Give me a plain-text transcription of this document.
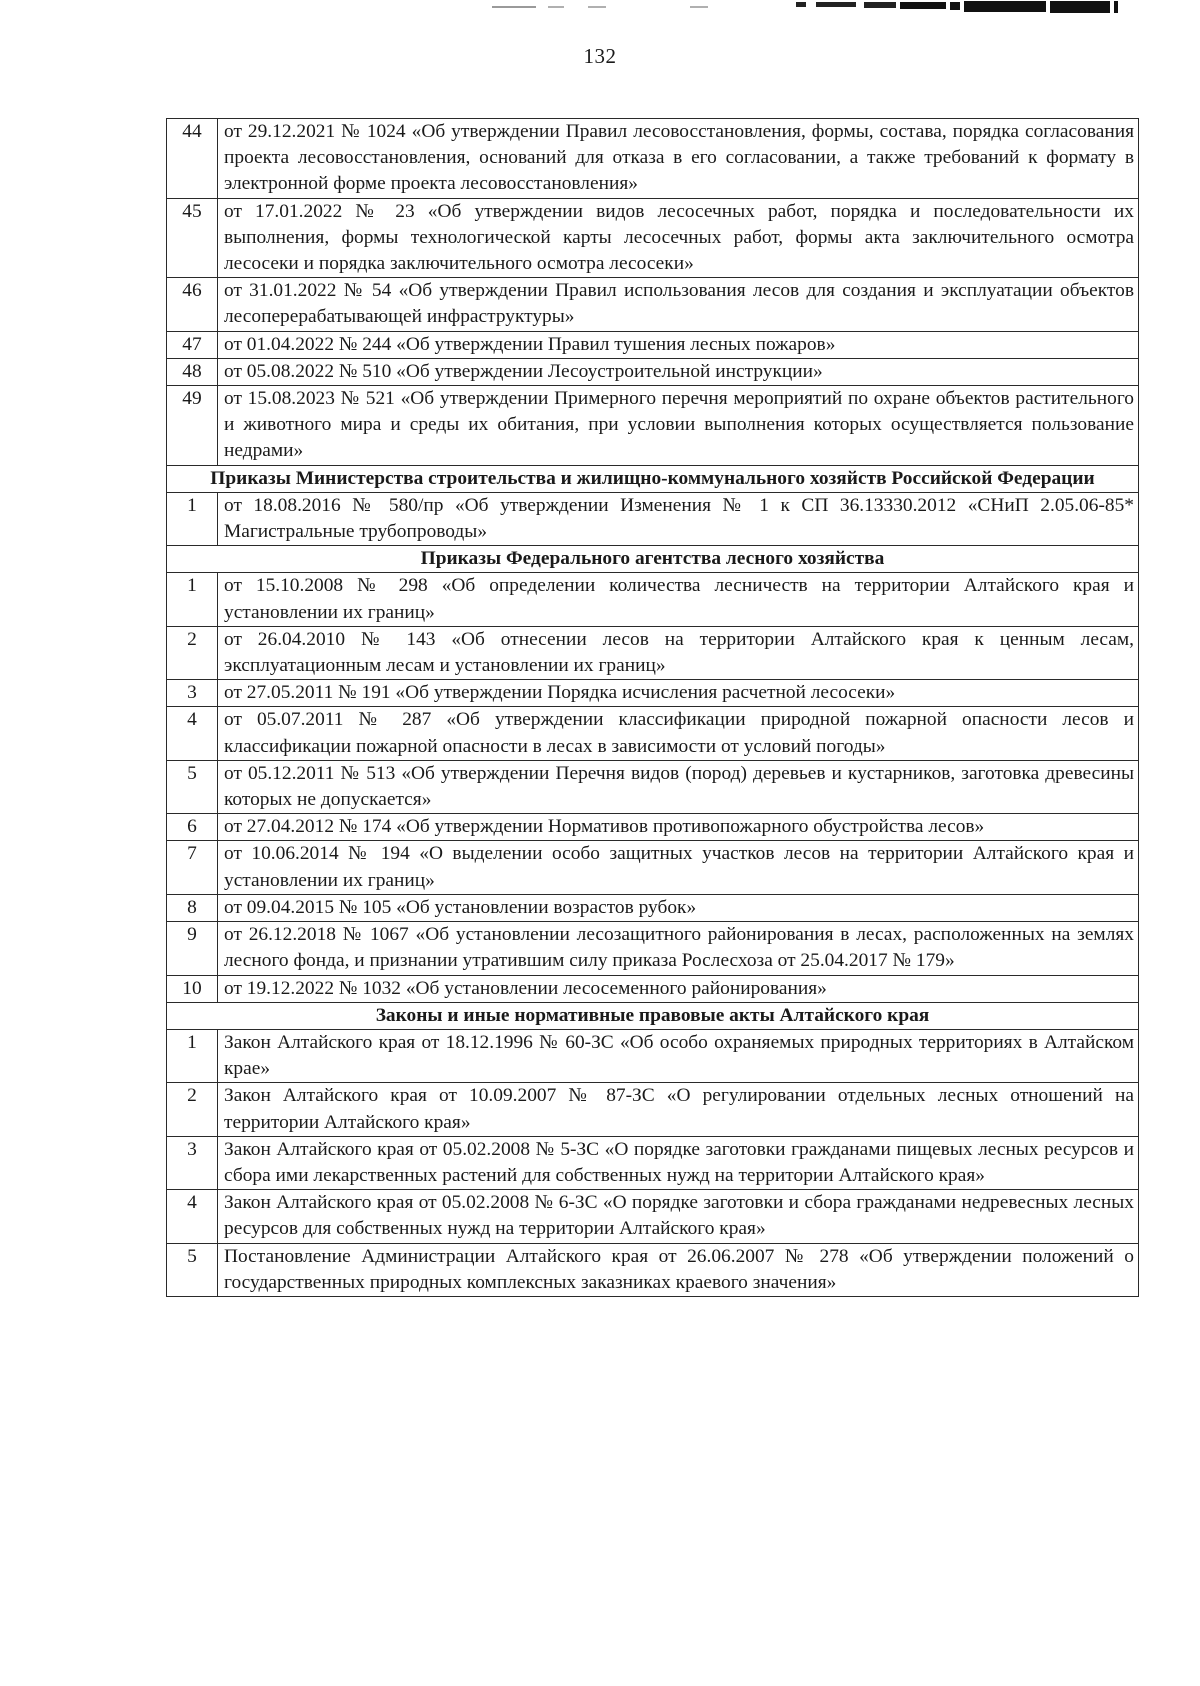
132
44	от 29.12.2021 № 1024 «Об утверждении Правил лесовосстановления, формы, состава, порядка согласования проекта лесовосстановления, оснований для отказа в его согласовании, а также требований к формату в электронной форме проекта лесовосстановления»
45	от 17.01.2022 № 23 «Об утверждении видов лесосечных работ, порядка и последовательности их выполнения, формы технологической карты лесосечных работ, формы акта заключительного осмотра лесосеки и порядка заключительного осмотра лесосеки»
46	от 31.01.2022 № 54 «Об утверждении Правил использования лесов для создания и эксплуатации объектов лесоперерабатывающей инфраструктуры»
47	от 01.04.2022 № 244 «Об утверждении Правил тушения лесных пожаров»
48	от 05.08.2022 № 510 «Об утверждении Лесоустроительной инструкции»
49	от 15.08.2023 № 521 «Об утверждении Примерного перечня мероприятий по охране объектов растительного и животного мира и среды их обитания, при условии выполнения которых осуществляется пользование недрами»
Приказы Министерства строительства и жилищно-коммунального хозяйств Российской Федерации	
1	от 18.08.2016 № 580/пр «Об утверждении Изменения № 1 к СП 36.13330.2012 «СНиП 2.05.06-85* Магистральные трубопроводы»
Приказы Федерального агентства лесного хозяйства	
1	от 15.10.2008 № 298 «Об определении количества лесничеств на территории Алтайского края и установлении их границ»
2	от 26.04.2010 № 143 «Об отнесении лесов на территории Алтайского края к ценным лесам, эксплуатационным лесам и установлении их границ»
3	от 27.05.2011 № 191 «Об утверждении Порядка исчисления расчетной лесосеки»
4	от 05.07.2011 № 287 «Об утверждении классификации природной пожарной опасности лесов и классификации пожарной опасности в лесах в зависимости от условий погоды»
5	от 05.12.2011 № 513 «Об утверждении Перечня видов (пород) деревьев и кустарников, заготовка древесины которых не допускается»
6	от 27.04.2012 № 174 «Об утверждении Нормативов противопожарного обустройства лесов»
7	от 10.06.2014 № 194 «О выделении особо защитных участков лесов на территории Алтайского края и установлении их границ»
8	от 09.04.2015 № 105 «Об установлении возрастов рубок»
9	от 26.12.2018 № 1067 «Об установлении лесозащитного районирования в лесах, расположенных на землях лесного фонда, и признании утратившим силу приказа Рослесхоза от 25.04.2017 № 179»
10	от 19.12.2022 № 1032 «Об установлении лесосеменного районирования»
Законы и иные нормативные правовые акты Алтайского края	
1	Закон Алтайского края от 18.12.1996 № 60-ЗС «Об особо охраняемых природных территориях в Алтайском крае»
2	Закон Алтайского края от 10.09.2007 № 87-ЗС «О регулировании отдельных лесных отношений на территории Алтайского края»
3	Закон Алтайского края от 05.02.2008 № 5-ЗС «О порядке заготовки гражданами пищевых лесных ресурсов и сбора ими лекарственных растений для собственных нужд на территории Алтайского края»
4	Закон Алтайского края от 05.02.2008 № 6-ЗС «О порядке заготовки и сбора гражданами недревесных лесных ресурсов для собственных нужд на территории Алтайского края»
5	Постановление Администрации Алтайского края от 26.06.2007 № 278 «Об утверждении положений о государственных природных комплексных заказниках краевого значения»
